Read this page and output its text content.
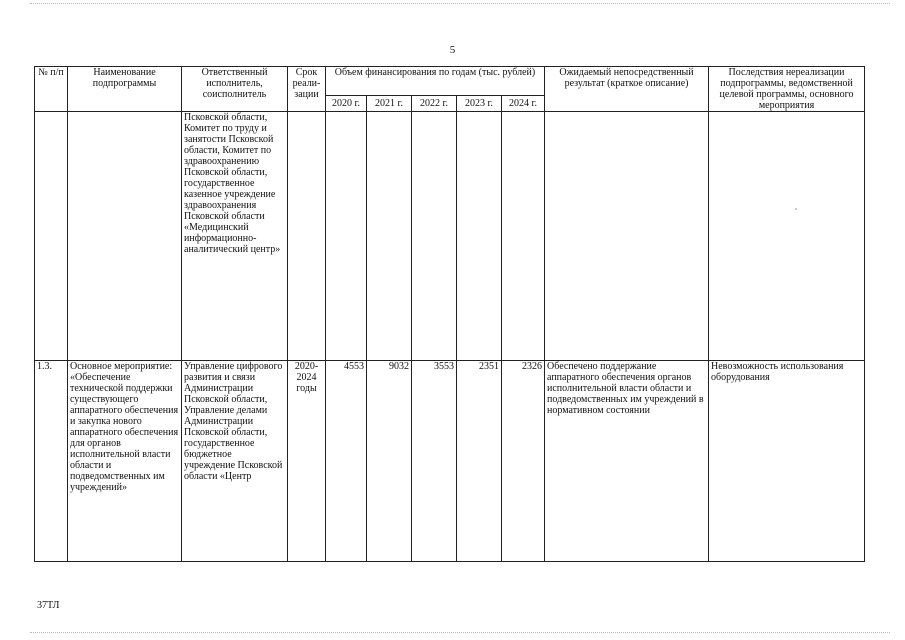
5
№ п/п	Наименование подпрограммы	Ответственный исполнитель, соисполнитель	Срок реали-зации	Объем финансирования по годам (тыс. рублей)					Ожидаемый непосредственный результат (краткое описание)	Последствия нереализации подпрограммы, ведомственной целевой программы, основного мероприятия
				2020 г.	2021 г.	2022 г.	2023 г.	2024 г.		
		Псковской области, Комитет по труду и занятости Псковской области, Комитет по здравоохранению Псковской области, государственное казенное учреждение здравоохранения Псковской области «Медицинский информационно-аналитический центр»								
1.3.	Основное мероприятие: «Обеспечение технической поддержки существующего аппаратного обеспечения и закупка нового аппаратного обеспечения для органов исполнительной власти области и подведомственных им учреждений»	Управление цифрового развития и связи Администрации Псковской области, Управление делами Администрации Псковской области, государственное бюджетное учреждение Псковской области «Центр	2020-2024 годы	4553	9032	3553	2351	2326	Обеспечено поддержание аппаратного обеспечения органов исполнительной власти области и подведомственных им учреждений в нормативном состоянии	Невозможность использования оборудования
37ТЛ
